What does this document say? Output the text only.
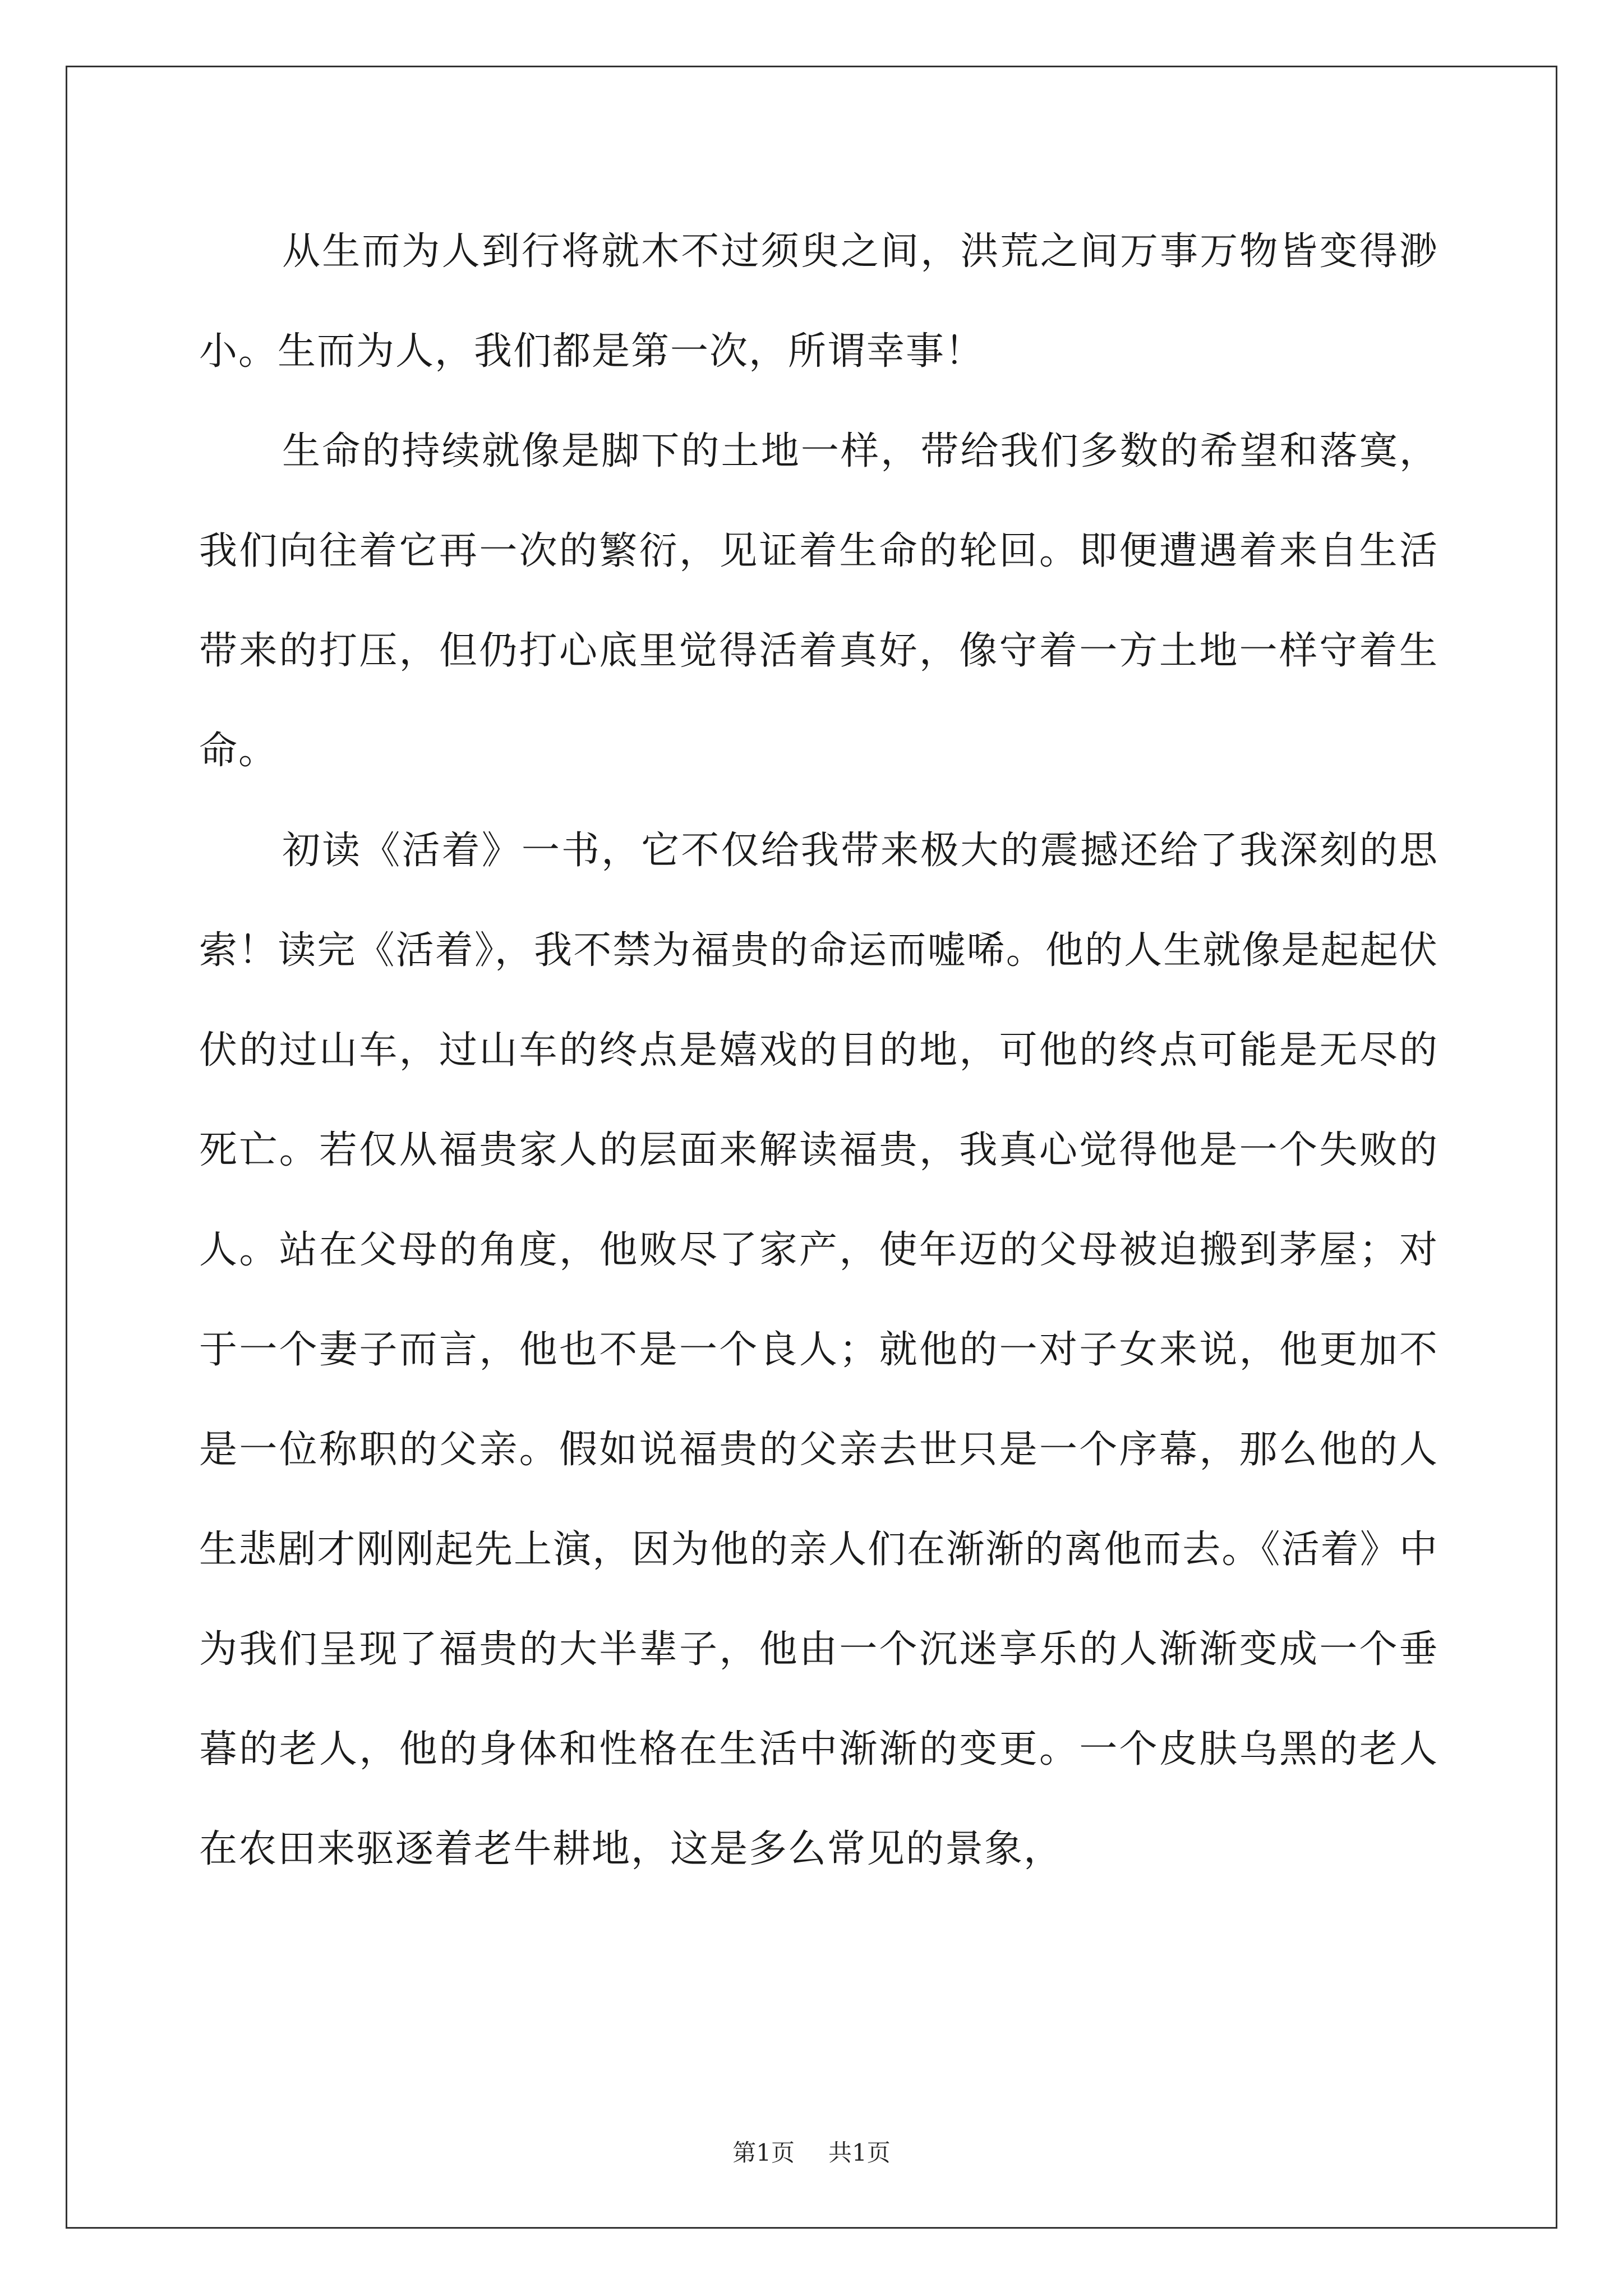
从生而为人到行将就木不过须臾之间，洪荒之间万事万物皆变得渺小。生而为人，我们都是第一次，所谓幸事！

生命的持续就像是脚下的土地一样，带给我们多数的希望和落寞，我们向往着它再一次的繁衍，见证着生命的轮回。即便遭遇着来自生活带来的打压，但仍打心底里觉得活着真好，像守着一方土地一样守着生命。

初读《活着》一书，它不仅给我带来极大的震撼还给了我深刻的思索！读完《活着》，我不禁为福贵的命运而嘘唏。他的人生就像是起起伏伏的过山车，过山车的终点是嬉戏的目的地，可他的终点可能是无尽的死亡。若仅从福贵家人的层面来解读福贵，我真心觉得他是一个失败的人。站在父母的角度，他败尽了家产，使年迈的父母被迫搬到茅屋；对于一个妻子而言，他也不是一个良人；就他的一对子女来说，他更加不是一位称职的父亲。假如说福贵的父亲去世只是一个序幕，那么他的人生悲剧才刚刚起先上演，因为他的亲人们在渐渐的离他而去。《活着》中为我们呈现了福贵的大半辈子，他由一个沉迷享乐的人渐渐变成一个垂暮的老人，他的身体和性格在生活中渐渐的变更。一个皮肤乌黑的老人在农田来驱逐着老牛耕地，这是多么常见的景象，

第1页 共1页
